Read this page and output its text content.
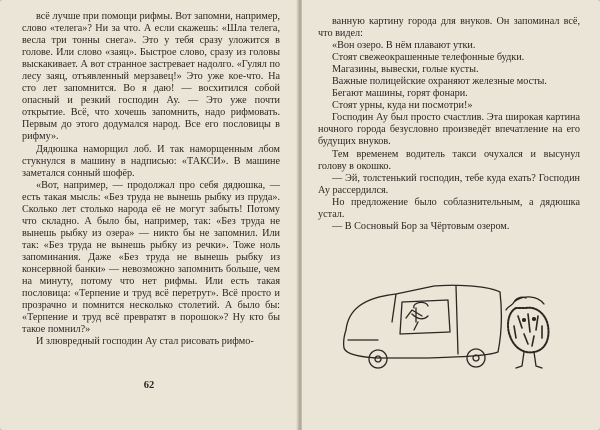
всё лучше при помощи рифмы. Вот запомни, например, слово «телега»? Ни за что. А если скажешь: «Шла телега, весла три тонны снега». Это у тебя сразу уложится в голове. Или слово «заяц». Быстрое слово, сразу из головы выскакивает. А вот странное застревает надолго. «Гулял по лесу заяц, отъявленный мерзавец!» Это уже кое-что. На сто лет запомнится. Во я даю! — восхитился собой опасный и резкий господин Ау. — Это уже почти открытие. Всё, что хочешь запомнить, надо рифмовать. Первым до этого додумался народ. Все его пословицы в рифму».

Дядюшка наморщил лоб. И так наморщенным лбом стукнулся в машину в надписью: «ТАКСИ». В машине заметался сонный шофёр.

«Вот, например, — продолжал про себя дядюшка, — есть такая мысль: «Без труда не вынешь рыбку из пруда». Сколько лет столько народа её не могут забыть! Потому что складно. А было бы, например, так: «Без труда не вынешь рыбку из озера» — никто бы не запомнил. Или так: «Без труда не вынешь рыбку из речки». Тоже ноль запоминания. Даже «Без труда не вынешь рыбку из консервной банки» — невозможно запомнить больше, чем на минуту, потому что нет рифмы. Или есть такая пословица: «Терпение и труд всё перетрут». Всё просто и прозрачно и помнится несколько столетий. А было бы: «Терпение и труд всё превратят в порошок»? Ну кто бы такое помнил?»

И злювредный господин Ау стал рисовать рифмо-

62

ванную картину города для внуков. Он запоминал всё, что видел:

«Вон озеро. В нём плавают утки.

Стоят свежеокрашенные телефонные будки.

Магазины, вывески, голые кусты.

Важные полицейские охраняют железные мосты.

Бегают машины, горят фонари.

Стоят урны, куда ни посмотри!»

Господин Ау был просто счастлив. Эта широкая картина ночного города безусловно произведёт впечатление на его будущих внуков.

Тем временем водитель такси очухался и высунул голову в окошко.

— Эй, толстенький господин, тебе куда ехать? Господин Ау рассердился.

Но предложение было соблазнительным, а дядюшка устал.

— В Сосновый Бор за Чёртовым озером.
